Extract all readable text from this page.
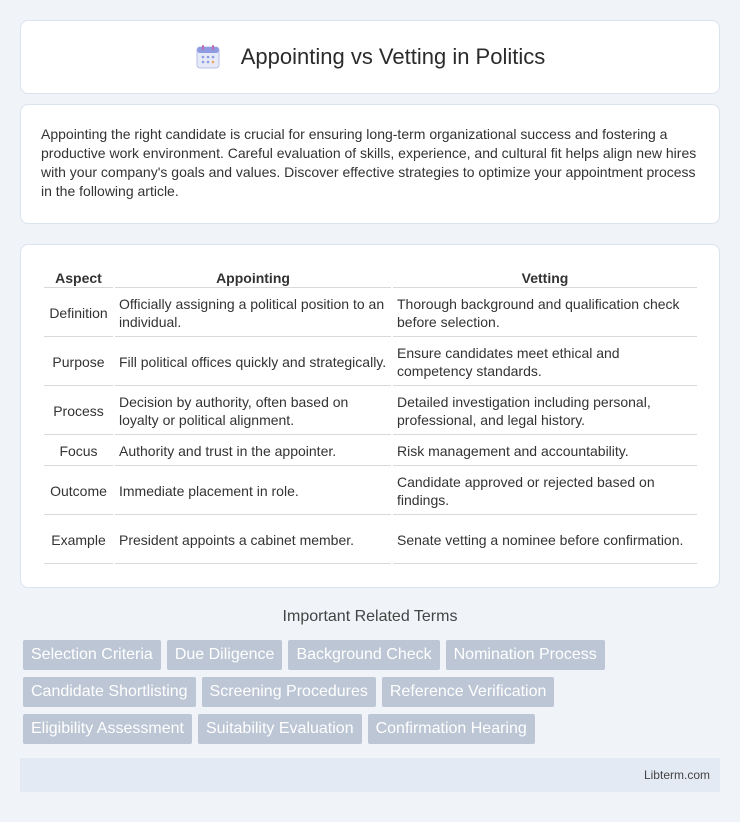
Appointing vs Vetting in Politics

Appointing the right candidate is crucial for ensuring long-term organizational success and fostering a productive work environment. Careful evaluation of skills, experience, and cultural fit helps align new hires with your company's goals and values. Discover effective strategies to optimize your appointment process in the following article.

Aspect	Appointing	Vetting
Definition	Officially assigning a political position to an individual.	Thorough background and qualification check before selection.
Purpose	Fill political offices quickly and strategically.	Ensure candidates meet ethical and competency standards.
Process	Decision by authority, often based on loyalty or political alignment.	Detailed investigation including personal, professional, and legal history.
Focus	Authority and trust in the appointer.	Risk management and accountability.
Outcome	Immediate placement in role.	Candidate approved or rejected based on findings.
Example	President appoints a cabinet member.	Senate vetting a nominee before confirmation.
Important Related Terms
Selection Criteria	Due Diligence	Background Check	Nomination Process
Candidate Shortlisting	Screening Procedures	Reference Verification
Eligibility Assessment	Suitability Evaluation	Confirmation Hearing
Libterm.com
